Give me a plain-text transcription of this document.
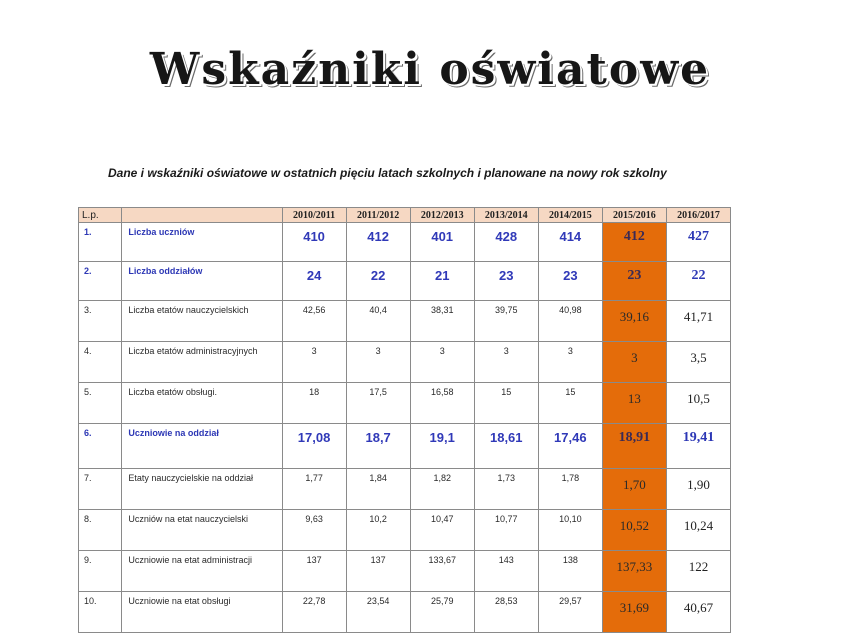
Wskaźniki oświatowe
Dane i wskaźniki oświatowe w ostatnich pięciu latach szkolnych i planowane na nowy rok szkolny
L.p.		2010/2011	2011/2012	2012/2013	2013/2014	2014/2015	2015/2016	2016/2017
1.	Liczba uczniów	410	412	401	428	414	412	427
2.	Liczba oddziałów	24	22	21	23	23	23	22
3.	Liczba etatów nauczycielskich	42,56	40,4	38,31	39,75	40,98	39,16	41,71
4.	Liczba etatów administracyjnych	3	3	3	3	3	3	3,5
5.	Liczba etatów obsługi.	18	17,5	16,58	15	15	13	10,5
6.	Uczniowie na oddział	17,08	18,7	19,1	18,61	17,46	18,91	19,41
7.	Etaty nauczycielskie na oddział	1,77	1,84	1,82	1,73	1,78	1,70	1,90
8.	Uczniów na etat nauczycielski	9,63	10,2	10,47	10,77	10,10	10,52	10,24
9.	Uczniowie na etat administracji	137	137	133,67	143	138	137,33	122
10.	Uczniowie na etat obsługi	22,78	23,54	25,79	28,53	29,57	31,69	40,67
